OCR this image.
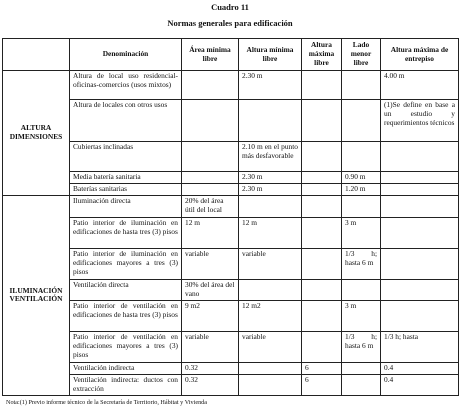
Cuadro 11
Normas generales para edificación
	Denominación	Área mínima libre	Altura mínima libre	Altura máxima libre	Lado menor libre	Altura máxima de entrepiso
ALTURA DIMENSIONES	Altura de local uso residencial-oficinas-comercios (usos mixtos)		2.30 m			4.00 m
	Altura de locales con otros usos					(1)Se define en base a un estudio y requerimientos técnicos
	Cubiertas inclinadas		2.10 m en el punto más desfavorable			
	Media batería sanitaria		2.30 m		0.90 m	
	Baterías sanitarias		2.30 m		1.20 m	
ILUMINACIÓN VENTILACIÓN	Iluminación directa	20% del área útil del local				
	Patio interior de iluminación en edificaciones de hasta tres (3) pisos	12 m	12 m		3 m	
	Patio interior de iluminación en edificaciones mayores a tres (3) pisos	variable	variable		1/3 h; hasta 6 m	
	Ventilación directa	30% del área del vano				
	Patio interior de ventilación en edificaciones de hasta tres (3) pisos	9 m2	12 m2		3 m	
	Patio interior de ventilación en edificaciones mayores a tres (3) pisos	variable	variable		1/3 h; hasta 6 m	1/3 h; hasta
	Ventilación indirecta	0.32		6		0.4
	Ventilación indirecta: ductos con extracción	0.32		6		0.4
Nota:(1) Previo informe técnico de la Secretaría de Territorio, Hábitat y Vivienda
